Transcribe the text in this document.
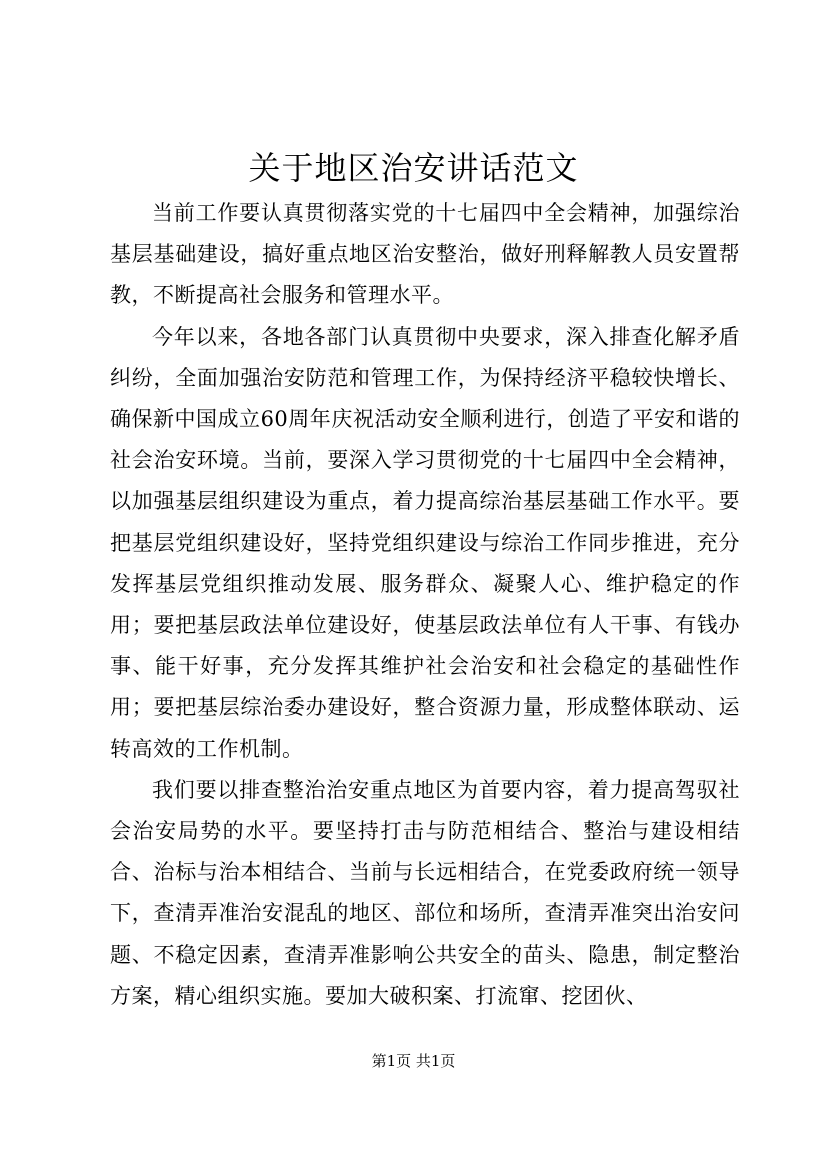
关于地区治安讲话范文

当前工作要认真贯彻落实党的十七届四中全会精神，加强综治基层基础建设，搞好重点地区治安整治，做好刑释解教人员安置帮教，不断提高社会服务和管理水平。

今年以来，各地各部门认真贯彻中央要求，深入排查化解矛盾纠纷，全面加强治安防范和管理工作，为保持经济平稳较快增长、确保新中国成立60周年庆祝活动安全顺利进行，创造了平安和谐的社会治安环境。当前，要深入学习贯彻党的十七届四中全会精神，以加强基层组织建设为重点，着力提高综治基层基础工作水平。要把基层党组织建设好，坚持党组织建设与综治工作同步推进，充分发挥基层党组织推动发展、服务群众、凝聚人心、维护稳定的作用；要把基层政法单位建设好，使基层政法单位有人干事、有钱办事、能干好事，充分发挥其维护社会治安和社会稳定的基础性作用；要把基层综治委办建设好，整合资源力量，形成整体联动、运转高效的工作机制。

我们要以排查整治治安重点地区为首要内容，着力提高驾驭社会治安局势的水平。要坚持打击与防范相结合、整治与建设相结合、治标与治本相结合、当前与长远相结合，在党委政府统一领导下，查清弄准治安混乱的地区、部位和场所，查清弄准突出治安问题、不稳定因素，查清弄准影响公共安全的苗头、隐患，制定整治方案，精心组织实施。要加大破积案、打流窜、挖团伙、

第1页 共1页
